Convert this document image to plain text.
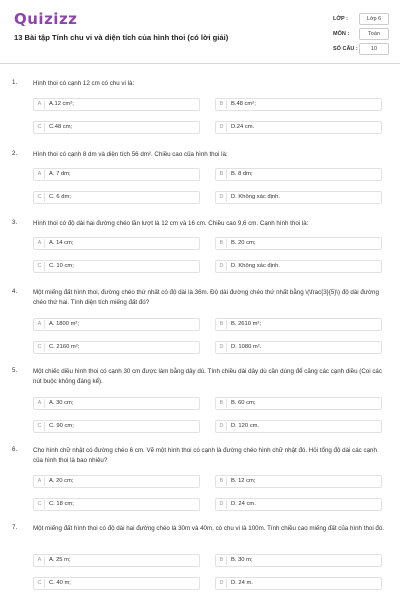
Quizizz
13 Bài tập Tính chu vi và diện tích của hình thoi (có lời giải)
LỚP :	Lớp 6
MÔN :	Toán
SỐ CÂU :	10
1.	Hình thoi có cạnh 12 cm có chu vi là:
A	A.12 cm²;	B	B.48 cm²;
C	C.48 cm;	D	D.24 cm.
2.	Hình thoi có cạnh 8 dm và diện tích 56 dm². Chiều cao của hình thoi là:
A	A. 7 dm;	B	B. 8 dm;
C	C. 6 dm;	D	D. Không xác định.
3.	Hình thoi có độ dài hai đường chéo lần lượt là 12 cm và 16 cm. Chiều cao 9,6 cm. Cạnh hình thoi là:
A	A. 14 cm;	B	B. 20 cm;
C	C. 10 cm;	D	D. Không xác định.
4.	Một miếng đất hình thoi, đường chéo thứ nhất có độ dài là 36m. Độ dài đường chéo thứ nhất bằng \(\frac{3}{5}\) độ dài đường chéo thứ hai. Tính diện tích miếng đất đó?
A	A. 1800 m²;	B	B. 2610 m²;
C	C. 2160 m²;	D	D. 1080 m².
5.	Một chiếc diều hình thoi có cạnh 30 cm được làm bằng dây dù. Tính chiều dài dây dù cần dùng để căng các cạnh diều (Coi các nút buộc không đáng kể).
A	A. 30 cm;	B	B. 60 cm;
C	C. 90 cm;	D	D. 120 cm.
6.	Cho hình chữ nhật có đường chéo 6 cm. Vẽ một hình thoi có cạnh là đường chéo hình chữ nhật đó. Hỏi tổng độ dài các cạnh của hình thoi là bao nhiêu?
A	A. 20 cm;	B	B. 12 cm;
C	C. 18 cm;	D	D. 24 cm.
7.	Một miếng đất hình thoi có độ dài hai đường chéo là 30m và 40m, có chu vi là 100m. Tính chiều cao miếng đất của hình thoi đó.
A	A. 25 m;	B	B. 30 m;
C	C. 40 m;	D	D. 24 m.
